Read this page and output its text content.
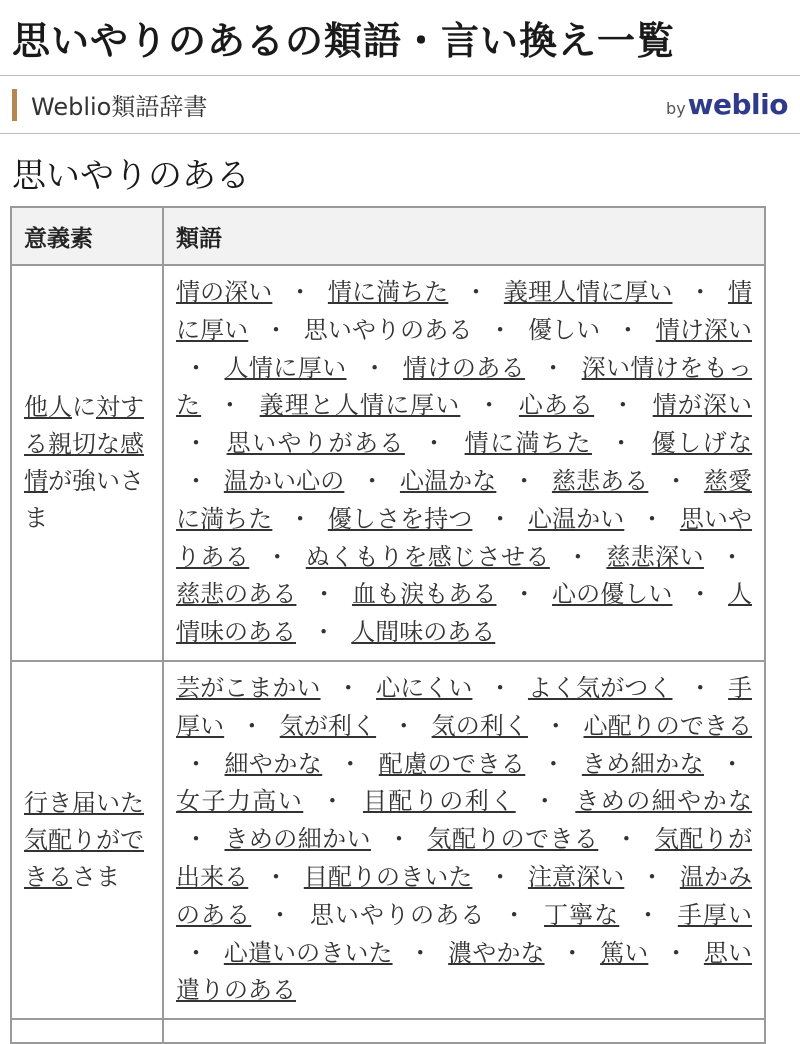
思いやりのあるの類語・言い換え一覧
Weblio類語辞書	by weblio
思いやりのある
意義素	類語
他人に対する親切な感情が強いさま	情の深い ・ 情に満ちた ・ 義理人情に厚い ・ 情に厚い ・ 思いやりのある ・ 優しい ・ 情け深い ・ 人情に厚い ・ 情けのある ・ 深い情けをもった ・ 義理と人情に厚い ・ 心ある ・ 情が深い ・ 思いやりがある ・ 情に満ちた ・ 優しげな ・ 温かい心の ・ 心温かな ・ 慈悲ある ・ 慈愛に満ちた ・ 優しさを持つ ・ 心温かい ・ 思いやりある ・ ぬくもりを感じさせる ・ 慈悲深い ・ 慈悲のある ・ 血も涙もある ・ 心の優しい ・ 人情味のある ・ 人間味のある
行き届いた気配りができるさま	芸がこまかい ・ 心にくい ・ よく気がつく ・ 手厚い ・ 気が利く ・ 気の利く ・ 心配りのできる ・ 細やかな ・ 配慮のできる ・ きめ細かな ・ 女子力高い ・ 目配りの利く ・ きめの細やかな ・ きめの細かい ・ 気配りのできる ・ 気配りが出来る ・ 目配りのきいた ・ 注意深い ・ 温かみのある ・ 思いやりのある ・ 丁寧な ・ 手厚い ・ 心遣いのきいた ・ 濃やかな ・ 篤い ・ 思い遣りのある
